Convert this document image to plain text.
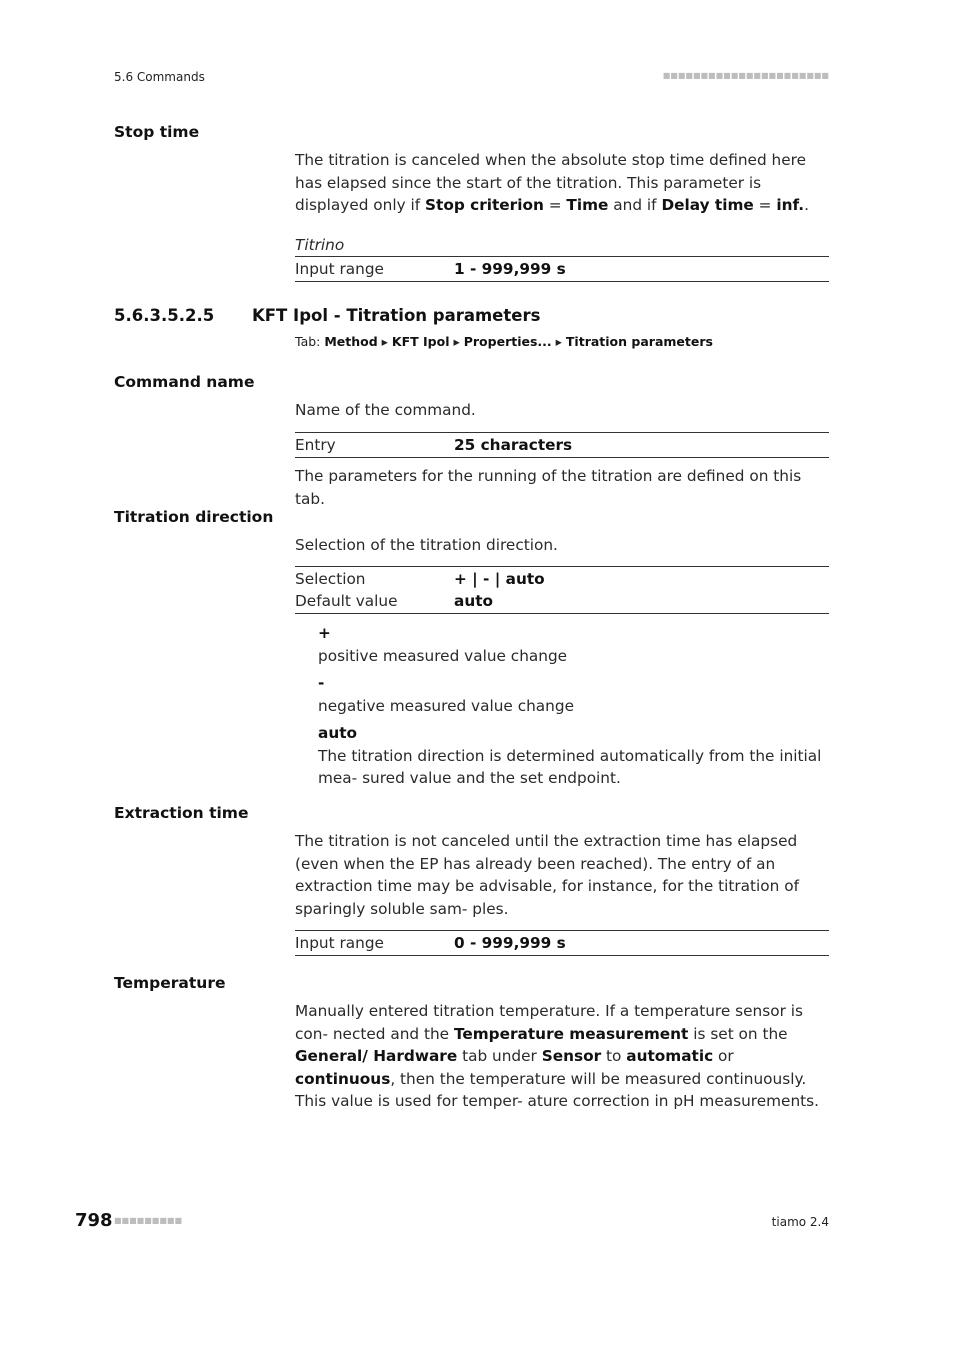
5.6 Commands	■■■■■■■■■■■■■■■■■■■■■■
Stop time
The titration is canceled when the absolute stop time defined here has elapsed since the start of the titration. This parameter is displayed only if Stop criterion = Time and if Delay time = inf..
Titrino
Input range	1 - 999,999 s
5.6.3.5.2.5 KFT Ipol - Titration parameters
Tab: Method ▸ KFT Ipol ▸ Properties... ▸ Titration parameters
Command name
Name of the command.
Entry	25 characters
The parameters for the running of the titration are defined on this tab.
Titration direction
Selection of the titration direction.
Selection	+ | - | auto
Default value	auto
+
positive measured value change
-
negative measured value change
auto
The titration direction is determined automatically from the initial mea- sured value and the set endpoint.
Extraction time
The titration is not canceled until the extraction time has elapsed (even when the EP has already been reached). The entry of an extraction time may be advisable, for instance, for the titration of sparingly soluble sam- ples.
Input range	0 - 999,999 s
Temperature
Manually entered titration temperature. If a temperature sensor is con- nected and the Temperature measurement is set on the General/ Hardware tab under Sensor to automatic or continuous, then the temperature will be measured continuously. This value is used for temper- ature correction in pH measurements.
798 ■■■■■■■■■	tiamo 2.4
